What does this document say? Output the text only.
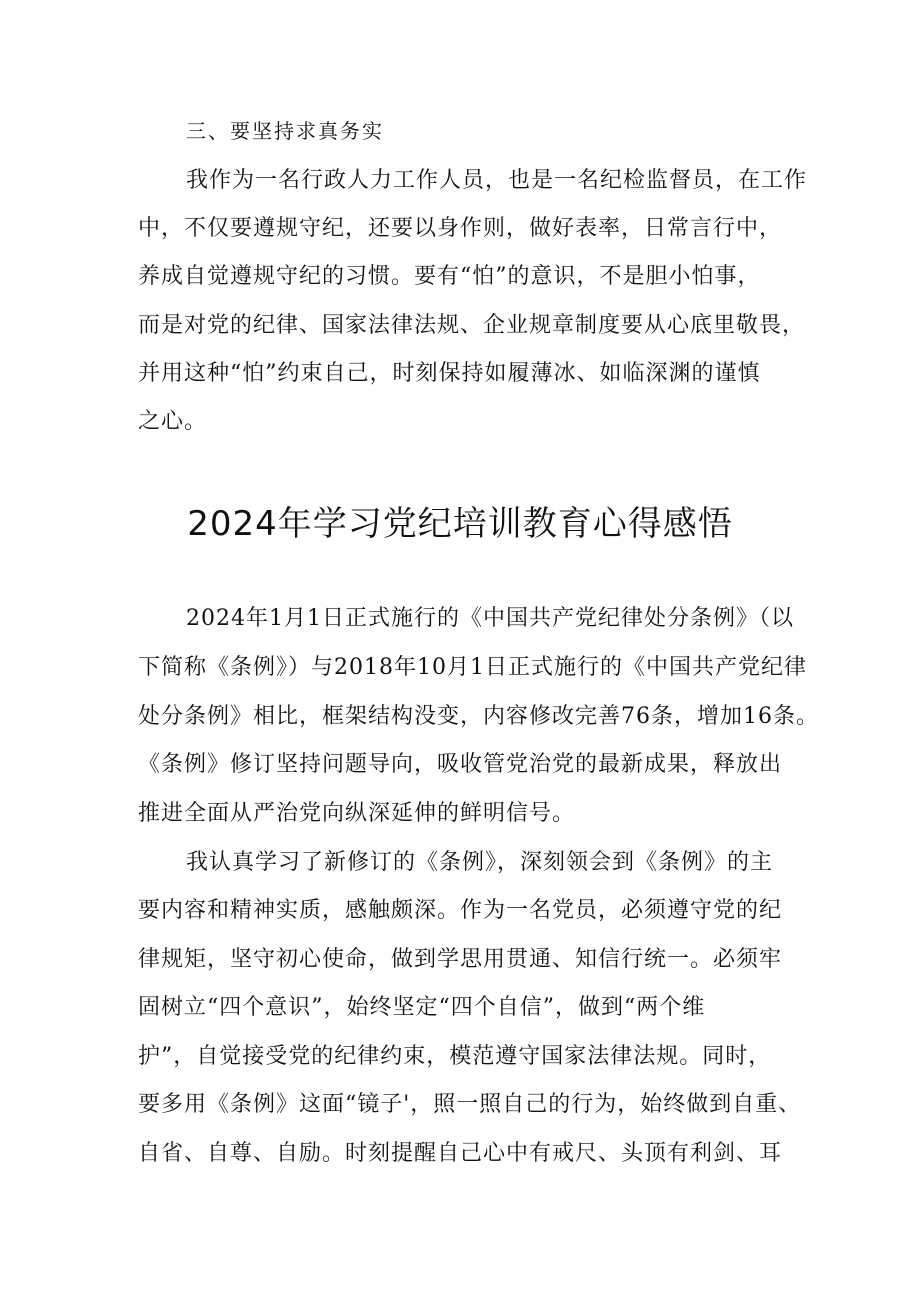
三、要坚持求真务实
我作为一名行政人力工作人员，也是一名纪检监督员，在工作
中，不仅要遵规守纪，还要以身作则，做好表率，日常言行中，
养成自觉遵规守纪的习惯。要有“怕”的意识，不是胆小怕事，
而是对党的纪律、国家法律法规、企业规章制度要从心底里敬畏，
并用这种“怕”约束自己，时刻保持如履薄冰、如临深渊的谨慎
之心。
2024年学习党纪培训教育心得感悟
2024年1月1日正式施行的《中国共产党纪律处分条例》（以
下简称《条例》）与2018年10月1日正式施行的《中国共产党纪律
处分条例》相比，框架结构没变，内容修改完善76条，增加16条。
《条例》修订坚持问题导向，吸收管党治党的最新成果，释放出
推进全面从严治党向纵深延伸的鲜明信号。
我认真学习了新修订的《条例》，深刻领会到《条例》的主
要内容和精神实质，感触颇深。作为一名党员，必须遵守党的纪
律规矩，坚守初心使命，做到学思用贯通、知信行统一。必须牢
固树立“四个意识”，始终坚定“四个自信”，做到“两个维
护”，自觉接受党的纪律约束，模范遵守国家法律法规。同时，
要多用《条例》这面“镜子'，照一照自己的行为，始终做到自重、
自省、自尊、自励。时刻提醒自己心中有戒尺、头顶有利剑、耳
